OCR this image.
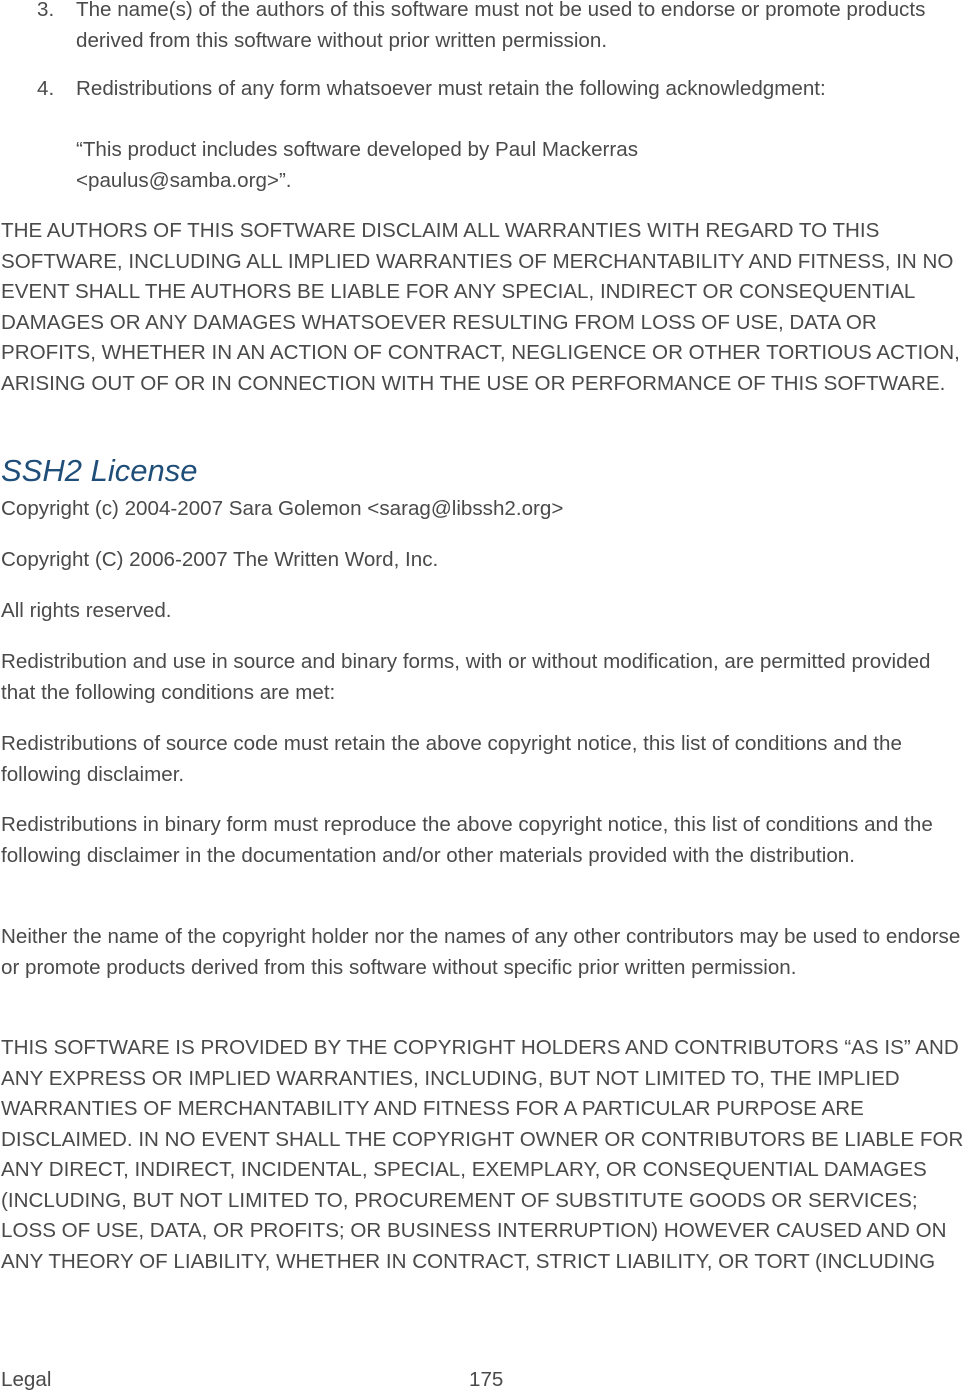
3. The name(s) of the authors of this software must not be used to endorse or promote products derived from this software without prior written permission.
4. Redistributions of any form whatsoever must retain the following acknowledgment:
“This product includes software developed by Paul Mackerras <paulus@samba.org>”.
THE AUTHORS OF THIS SOFTWARE DISCLAIM ALL WARRANTIES WITH REGARD TO THIS SOFTWARE, INCLUDING ALL IMPLIED WARRANTIES OF MERCHANTABILITY AND FITNESS, IN NO EVENT SHALL THE AUTHORS BE LIABLE FOR ANY SPECIAL, INDIRECT OR CONSEQUENTIAL DAMAGES OR ANY DAMAGES WHATSOEVER RESULTING FROM LOSS OF USE, DATA OR PROFITS, WHETHER IN AN ACTION OF CONTRACT, NEGLIGENCE OR OTHER TORTIOUS ACTION, ARISING OUT OF OR IN CONNECTION WITH THE USE OR PERFORMANCE OF THIS SOFTWARE.
SSH2 License
Copyright (c) 2004-2007 Sara Golemon <sarag@libssh2.org>
Copyright (C) 2006-2007 The Written Word, Inc.
All rights reserved.
Redistribution and use in source and binary forms, with or without modification, are permitted provided that the following conditions are met:
Redistributions of source code must retain the above copyright notice, this list of conditions and the following disclaimer.
Redistributions in binary form must reproduce the above copyright notice, this list of conditions and the following disclaimer in the documentation and/or other materials provided with the distribution.
Neither the name of the copyright holder nor the names of any other contributors may be used to endorse or promote products derived from this software without specific prior written permission.
THIS SOFTWARE IS PROVIDED BY THE COPYRIGHT HOLDERS AND CONTRIBUTORS “AS IS” AND ANY EXPRESS OR IMPLIED WARRANTIES, INCLUDING, BUT NOT LIMITED TO, THE IMPLIED WARRANTIES OF MERCHANTABILITY AND FITNESS FOR A PARTICULAR PURPOSE ARE DISCLAIMED. IN NO EVENT SHALL THE COPYRIGHT OWNER OR CONTRIBUTORS BE LIABLE FOR ANY DIRECT, INDIRECT, INCIDENTAL, SPECIAL, EXEMPLARY, OR CONSEQUENTIAL DAMAGES (INCLUDING, BUT NOT LIMITED TO, PROCUREMENT OF SUBSTITUTE GOODS OR SERVICES; LOSS OF USE, DATA, OR PROFITS; OR BUSINESS INTERRUPTION) HOWEVER CAUSED AND ON ANY THEORY OF LIABILITY, WHETHER IN CONTRACT, STRICT LIABILITY, OR TORT (INCLUDING
Legal	175
